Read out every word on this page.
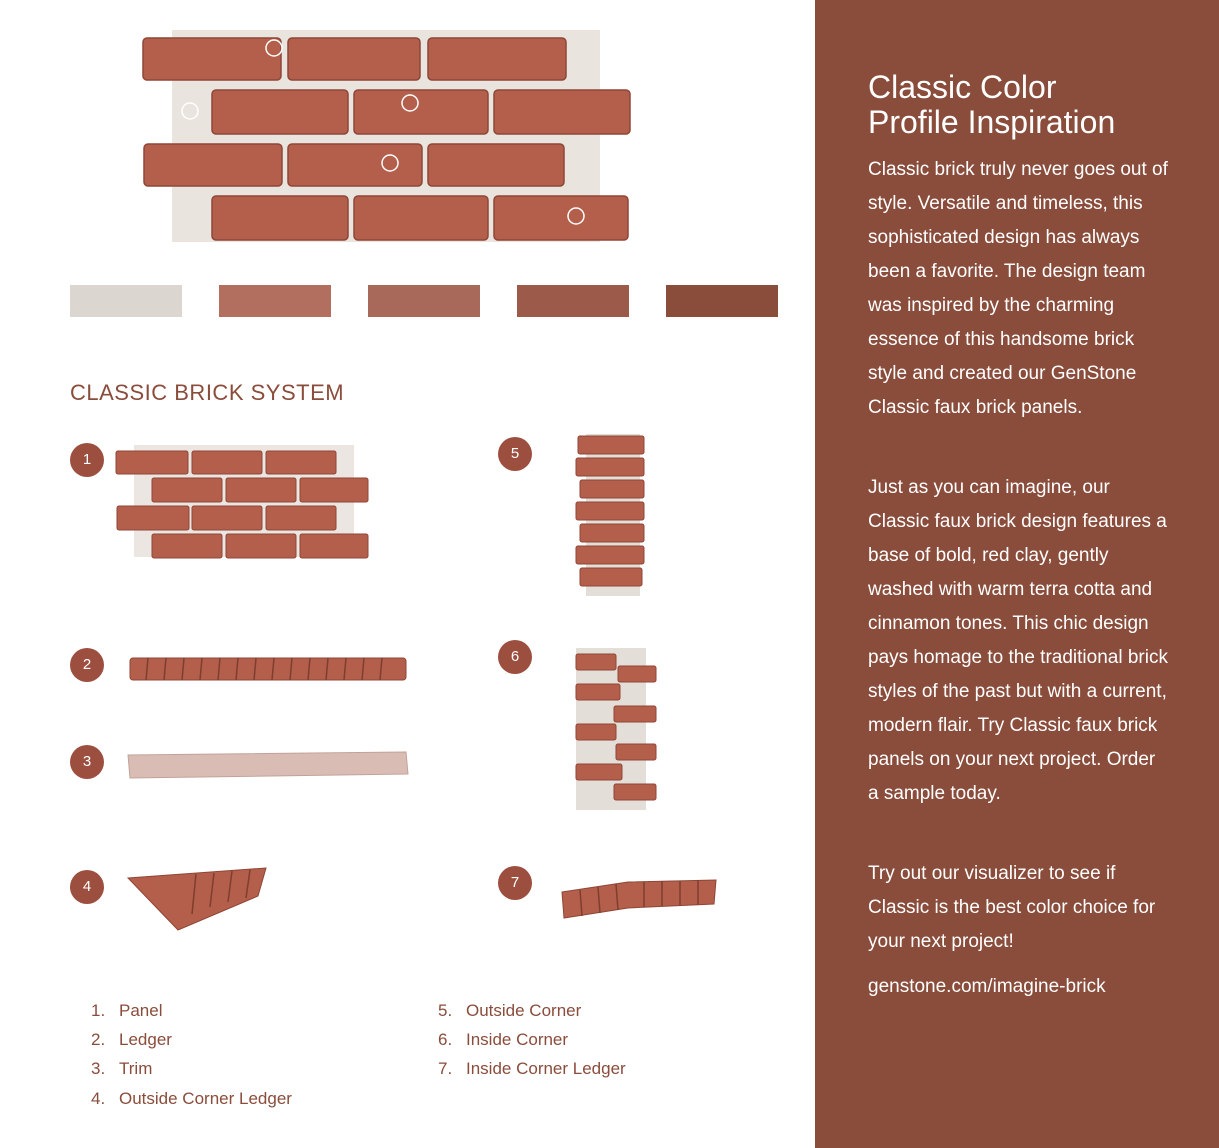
CLASSIC BRICK SYSTEM
1
2
3
4
5
6
7
1. Panel
2. Ledger
3. Trim
4. Outside Corner Ledger
5. Outside Corner
6. Inside Corner
7. Inside Corner Ledger
Classic Color
Profile Inspiration

Classic brick truly never goes out of style. Versatile and timeless, this sophisticated design has always been a favorite. The design team was inspired by the charming essence of this handsome brick style and created our GenStone Classic faux brick panels.

Just as you can imagine, our Classic faux brick design features a base of bold, red clay, gently washed with warm terra cotta and cinnamon tones. This chic design pays homage to the traditional brick styles of the past but with a current, modern flair. Try Classic faux brick panels on your next project. Order a sample today.

Try out our visualizer to see if Classic is the best color choice for your next project!

genstone.com/imagine-brick
